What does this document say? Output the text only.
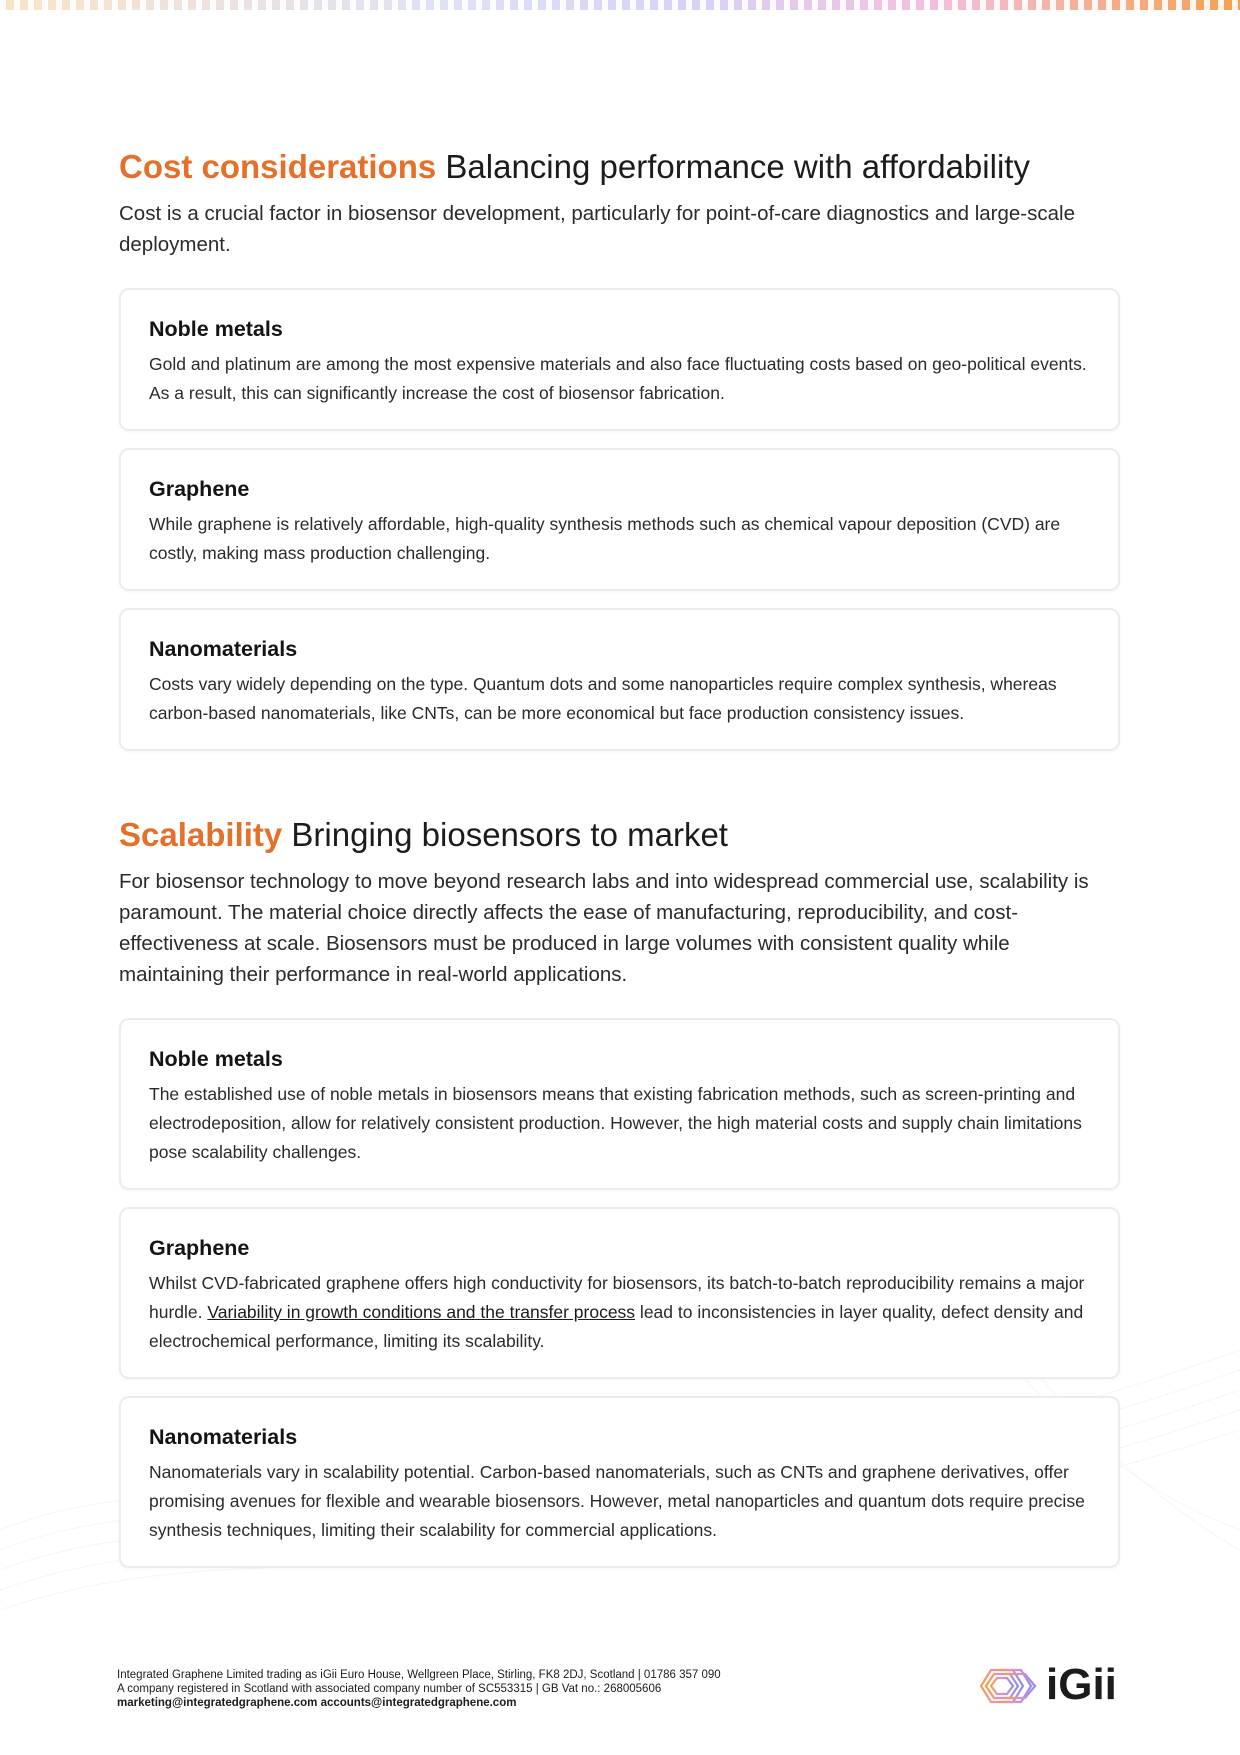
Cost considerations Balancing performance with affordability

Cost is a crucial factor in biosensor development, particularly for point-of-care diagnostics and large-scale deployment.

Noble metals

Gold and platinum are among the most expensive materials and also face fluctuating costs based on geo-political events. As a result, this can significantly increase the cost of biosensor fabrication.

Graphene

While graphene is relatively affordable, high-quality synthesis methods such as chemical vapour deposition (CVD) are costly, making mass production challenging.

Nanomaterials

Costs vary widely depending on the type. Quantum dots and some nanoparticles require complex synthesis, whereas carbon-based nanomaterials, like CNTs, can be more economical but face production consistency issues.

Scalability Bringing biosensors to market

For biosensor technology to move beyond research labs and into widespread commercial use, scalability is paramount. The material choice directly affects the ease of manufacturing, reproducibility, and cost-effectiveness at scale. Biosensors must be produced in large volumes with consistent quality while maintaining their performance in real-world applications.

Noble metals

The established use of noble metals in biosensors means that existing fabrication methods, such as screen-printing and electrodeposition, allow for relatively consistent production. However, the high material costs and supply chain limitations pose scalability challenges.

Graphene

Whilst CVD-fabricated graphene offers high conductivity for biosensors, its batch-to-batch reproducibility remains a major hurdle. Variability in growth conditions and the transfer process lead to inconsistencies in layer quality, defect density and electrochemical performance, limiting its scalability.

Nanomaterials

Nanomaterials vary in scalability potential. Carbon-based nanomaterials, such as CNTs and graphene derivatives, offer promising avenues for flexible and wearable biosensors. However, metal nanoparticles and quantum dots require precise synthesis techniques, limiting their scalability for commercial applications.

Integrated Graphene Limited trading as iGii Euro House, Wellgreen Place, Stirling, FK8 2DJ, Scotland | 01786 357 090

A company registered in Scotland with associated company number of SC553315 | GB Vat no.: 268005606

marketing@integratedgraphene.com accounts@integratedgraphene.com	iGii
